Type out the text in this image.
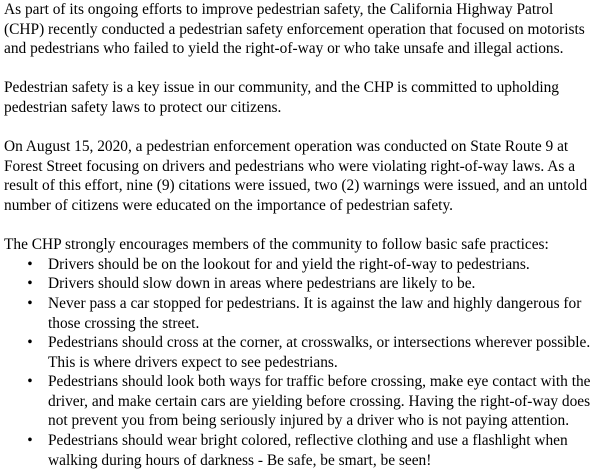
As part of its ongoing efforts to improve pedestrian safety, the California Highway Patrol (CHP) recently conducted a pedestrian safety enforcement operation that focused on motorists and pedestrians who failed to yield the right-of-way or who take unsafe and illegal actions.

Pedestrian safety is a key issue in our community, and the CHP is committed to upholding pedestrian safety laws to protect our citizens.

On August 15, 2020, a pedestrian enforcement operation was conducted on State Route 9 at Forest Street focusing on drivers and pedestrians who were violating right-of-way laws. As a result of this effort, nine (9) citations were issued, two (2) warnings were issued, and an untold number of citizens were educated on the importance of pedestrian safety.

The CHP strongly encourages members of the community to follow basic safe practices:

• Drivers should be on the lookout for and yield the right-of-way to pedestrians.
• Drivers should slow down in areas where pedestrians are likely to be.
• Never pass a car stopped for pedestrians. It is against the law and highly dangerous for those crossing the street.
• Pedestrians should cross at the corner, at crosswalks, or intersections wherever possible. This is where drivers expect to see pedestrians.
• Pedestrians should look both ways for traffic before crossing, make eye contact with the driver, and make certain cars are yielding before crossing. Having the right-of-way does not prevent you from being seriously injured by a driver who is not paying attention.
• Pedestrians should wear bright colored, reflective clothing and use a flashlight when walking during hours of darkness - Be safe, be smart, be seen!
